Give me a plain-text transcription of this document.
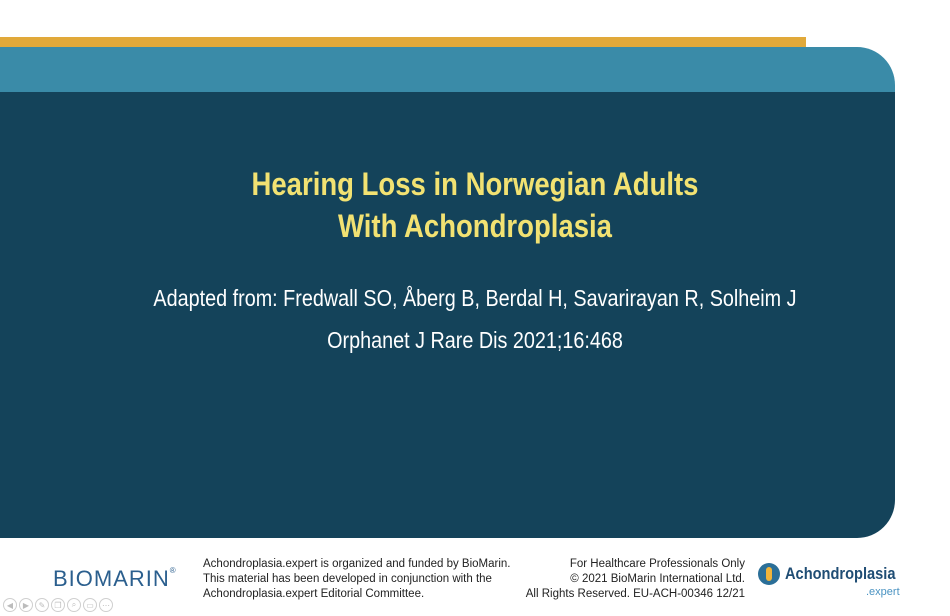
Hearing Loss in Norwegian Adults
With Achondroplasia
Adapted from: Fredwall SO, Åberg B, Berdal H, Savarirayan R, Solheim J
Orphanet J Rare Dis 2021;16:468
BIOMARIN®
Achondroplasia.expert is organized and funded by BioMarin.
This material has been developed in conjunction with the
Achondroplasia.expert Editorial Committee.
For Healthcare Professionals Only
© 2021 BioMarin International Ltd.
All Rights Reserved. EU-ACH-00346 12/21
Achondroplasia
.expert
◀	▶	✎	❐	⌕	▭	⋯
